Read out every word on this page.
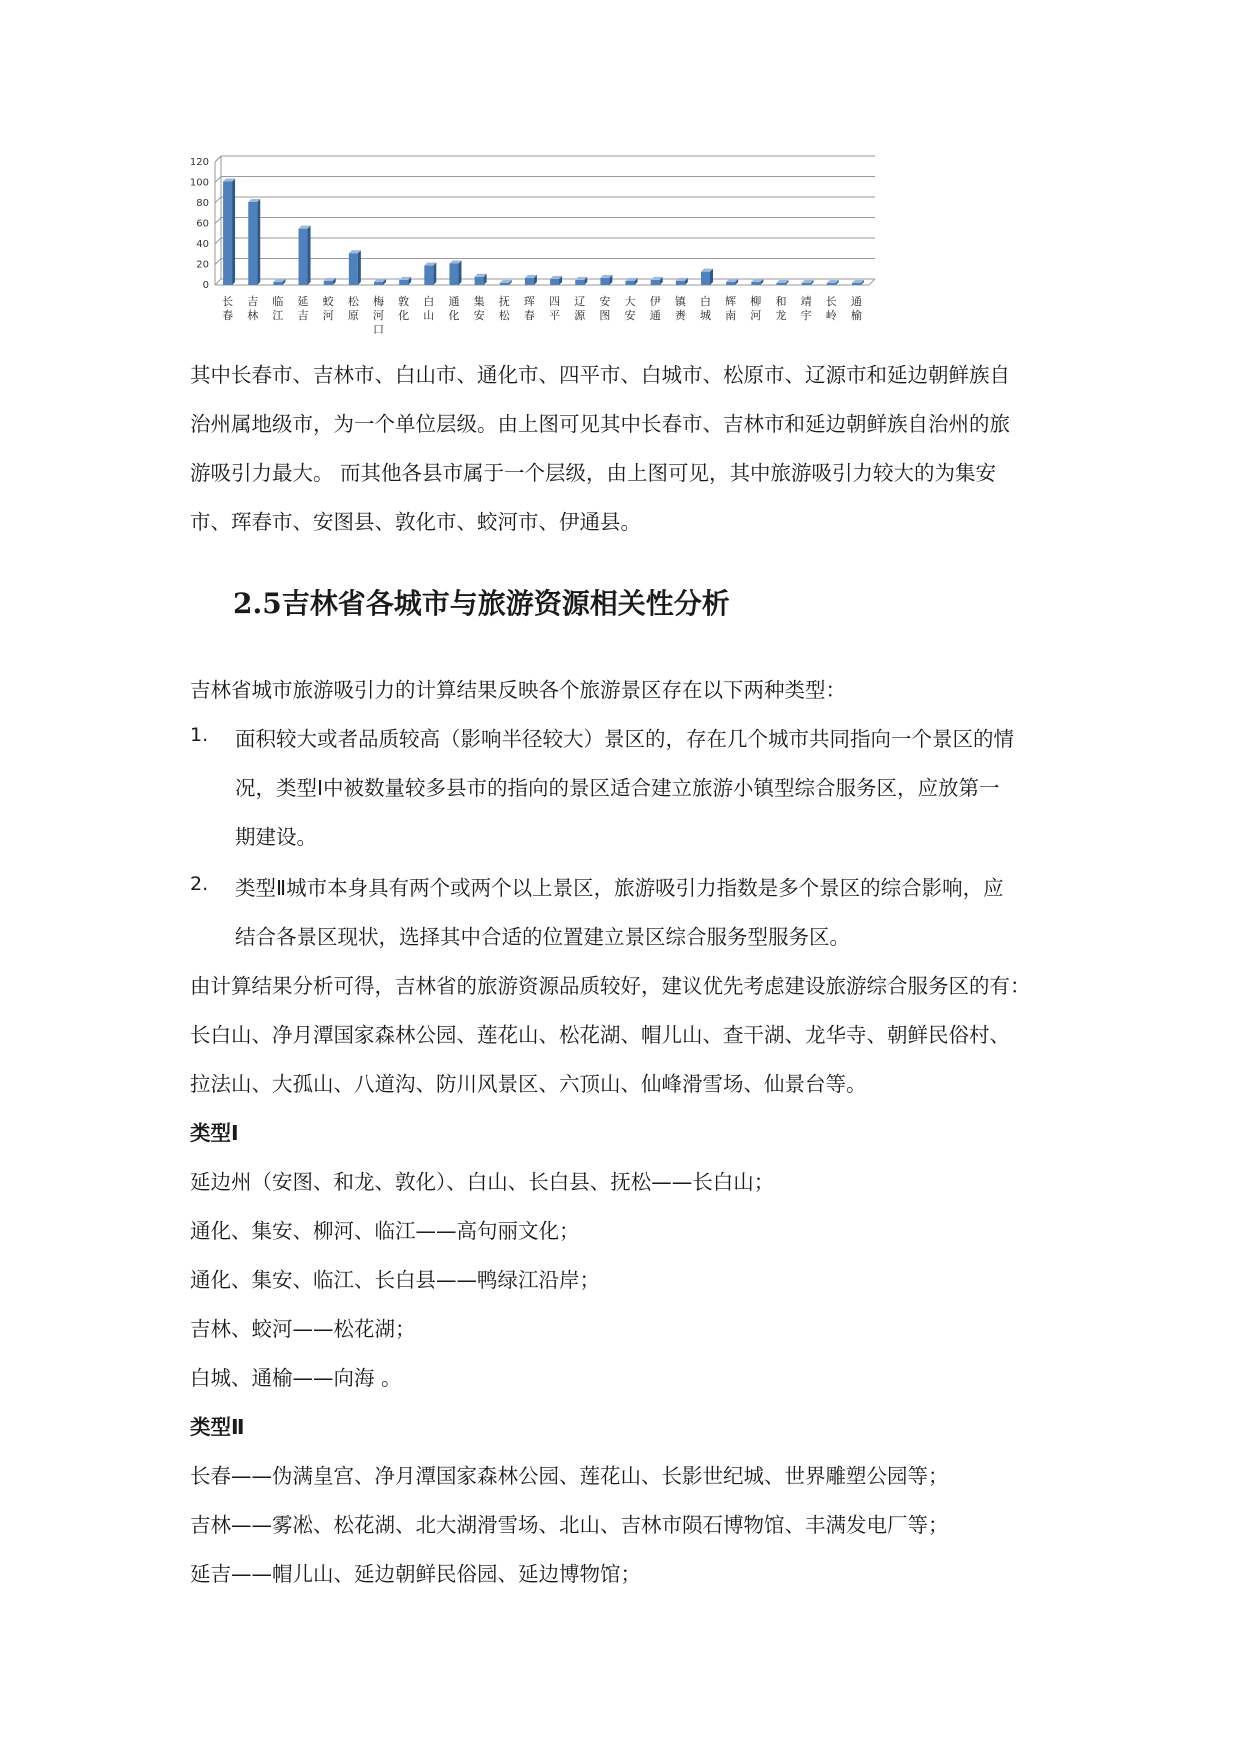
0
20
40
60
80
100
120
长春
吉林
临江
延吉
蛟河
松原
梅河口
敦化
白山
通化
集安
抚松
珲春
四平
辽源
安图
大安
伊通
镇赉
白城
辉南
柳河
和龙
靖宇
长岭
通榆
其中长春市、吉林市、白山市、通化市、四平市、白城市、松原市、辽源市和延边朝鲜族自
治州属地级市，为一个单位层级。由上图可见其中长春市、吉林市和延边朝鲜族自治州的旅
游吸引力最大。 而其他各县市属于一个层级，由上图可见，其中旅游吸引力较大的为集安
市、珲春市、安图县、敦化市、蛟河市、伊通县。
2.5吉林省各城市与旅游资源相关性分析
吉林省城市旅游吸引力的计算结果反映各个旅游景区存在以下两种类型：
1. 面积较大或者品质较高（影响半径较大）景区的，存在几个城市共同指向一个景区的情
况，类型Ⅰ中被数量较多县市的指向的景区适合建立旅游小镇型综合服务区，应放第一
期建设。
2. 类型Ⅱ城市本身具有两个或两个以上景区，旅游吸引力指数是多个景区的综合影响，应
结合各景区现状，选择其中合适的位置建立景区综合服务型服务区。
由计算结果分析可得，吉林省的旅游资源品质较好，建议优先考虑建设旅游综合服务区的有：
长白山、净月潭国家森林公园、莲花山、松花湖、帽儿山、查干湖、龙华寺、朝鲜民俗村、
拉法山、大孤山、八道沟、防川风景区、六顶山、仙峰滑雪场、仙景台等。
类型Ⅰ
延边州（安图、和龙、敦化）、白山、长白县、抚松——长白山；
通化、集安、柳河、临江——高句丽文化；
通化、集安、临江、长白县——鸭绿江沿岸；
吉林、蛟河——松花湖；
白城、通榆——向海 。
类型Ⅱ
长春——伪满皇宫、净月潭国家森林公园、莲花山、长影世纪城、世界雕塑公园等；
吉林——雾凇、松花湖、北大湖滑雪场、北山、吉林市陨石博物馆、丰满发电厂等；
延吉——帽儿山、延边朝鲜民俗园、延边博物馆；
